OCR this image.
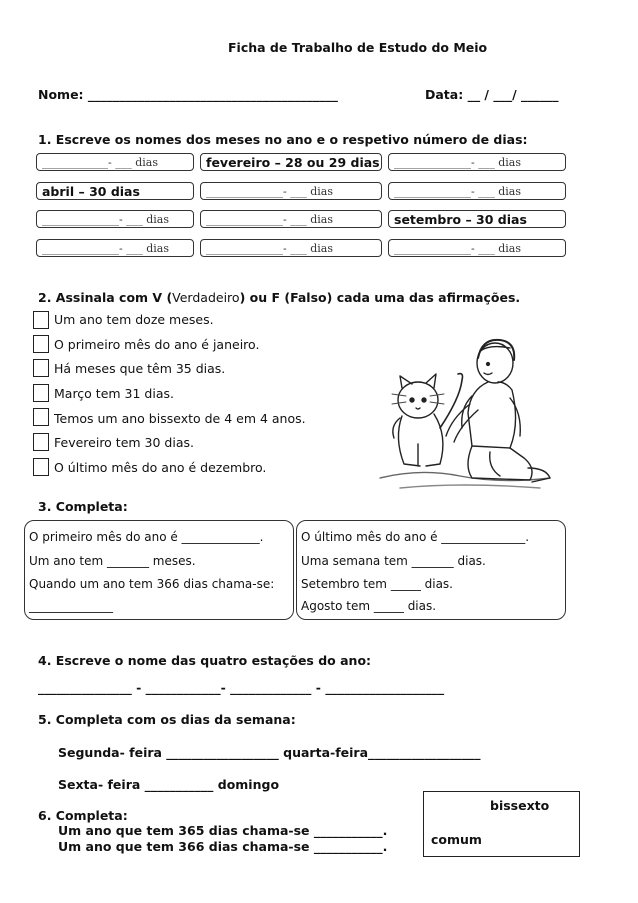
Ficha de Trabalho de Estudo do Meio
Nome: ________________________________________	Data: __ / ___/ ______
1. Escreve os nomes dos meses no ano e o respetivo número de dias:
____________- ___ dias	fevereiro – 28 ou 29 dias	______________- ___ dias
abril – 30 dias	______________- ___ dias	______________- ___ dias
______________- ___ dias	______________- ___ dias	setembro – 30 dias
______________- ___ dias	______________- ___ dias	______________- ___ dias
2. Assinala com V (Verdadeiro) ou F (Falso) cada uma das afirmações.
Um ano tem doze meses.
O primeiro mês do ano é janeiro.
Há meses que têm 35 dias.
Março tem 31 dias.
Temos um ano bissexto de 4 em 4 anos.
Fevereiro tem 30 dias.
O último mês do ano é dezembro.
3. Completa:
O primeiro mês do ano é _____________.
Um ano tem _______ meses.
Quando um ano tem 366 dias chama-se:
______________
O último mês do ano é ______________.
Uma semana tem _______ dias.
Setembro tem _____ dias.
Agosto tem _____ dias.
4. Escreve o nome das quatro estações do ano:
_______________ - ____________- _____________ - ___________________
5. Completa com os dias da semana:
Segunda- feira __________________ quarta-feira__________________
Sexta- feira ___________ domingo
6. Completa:
Um ano que tem 365 dias chama-se ___________.
Um ano que tem 366 dias chama-se ___________.
bissexto
comum
